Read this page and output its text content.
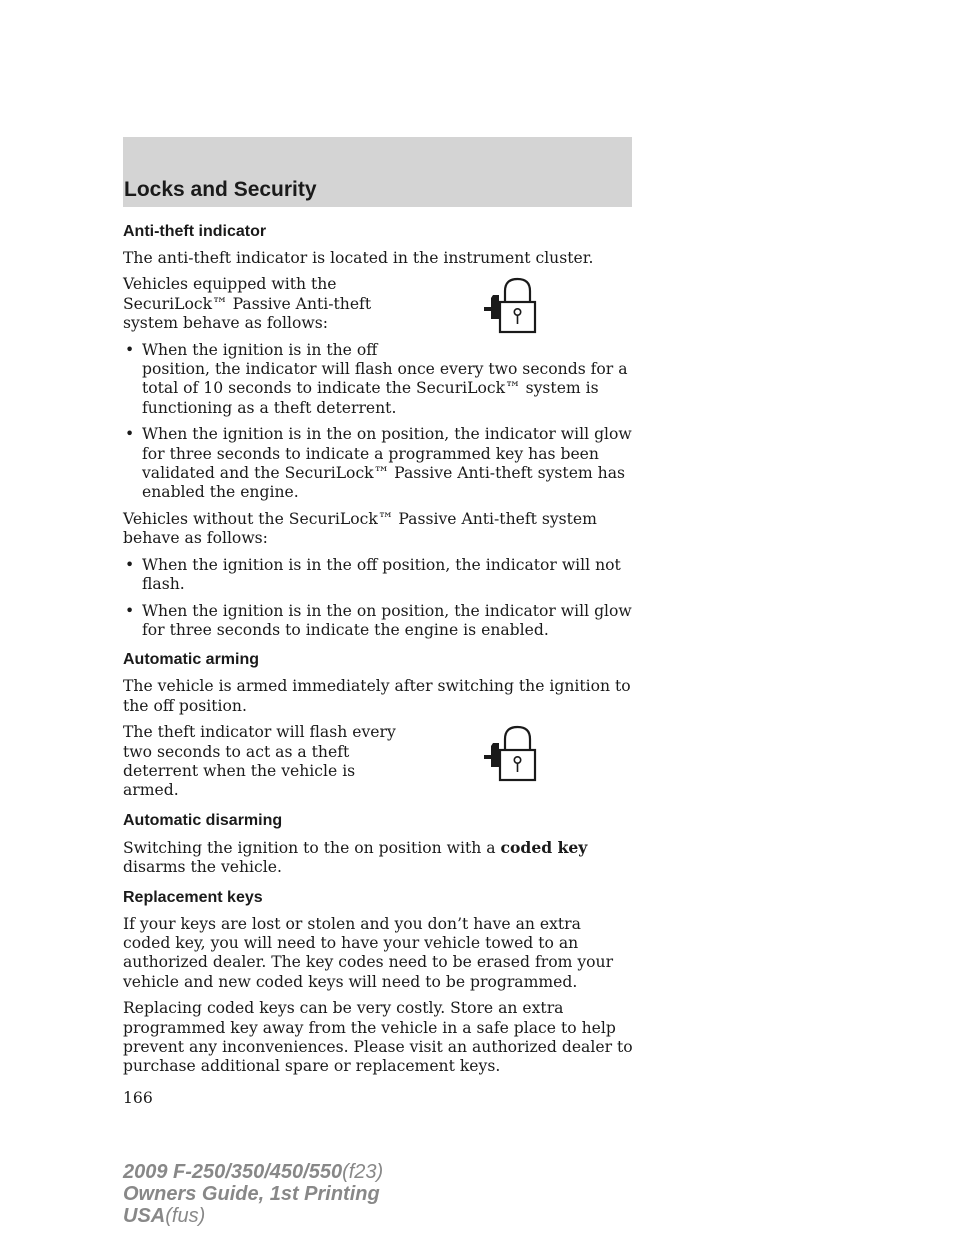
Locks and Security
Anti-theft indicator

The anti-theft indicator is located in the instrument cluster.

Vehicles equipped with the
SecuriLock™ Passive Anti-theft
system behave as follows:

• When the ignition is in the off
position, the indicator will flash once every two seconds for a total of 10 seconds to indicate the SecuriLock™ system is functioning as a theft deterrent.
• When the ignition is in the on position, the indicator will glow for three seconds to indicate a programmed key has been validated and the SecuriLock™ Passive Anti-theft system has enabled the engine.

Vehicles without the SecuriLock™ Passive Anti-theft system behave as follows:

• When the ignition is in the off position, the indicator will not flash.
• When the ignition is in the on position, the indicator will glow for three seconds to indicate the engine is enabled.
Automatic arming

The vehicle is armed immediately after switching the ignition to the off position.

The theft indicator will flash every
two seconds to act as a theft
deterrent when the vehicle is
armed.

Automatic disarming

Switching the ignition to the on position with a coded key disarms the vehicle.

Replacement keys

If your keys are lost or stolen and you don’t have an extra coded key, you will need to have your vehicle towed to an authorized dealer. The key codes need to be erased from your vehicle and new coded keys will need to be programmed.

Replacing coded keys can be very costly. Store an extra programmed key away from the vehicle in a safe place to help prevent any inconveniences. Please visit an authorized dealer to purchase additional spare or replacement keys.

166

2009 F-250/350/450/550(f23)
Owners Guide, 1st Printing
USA(fus)
